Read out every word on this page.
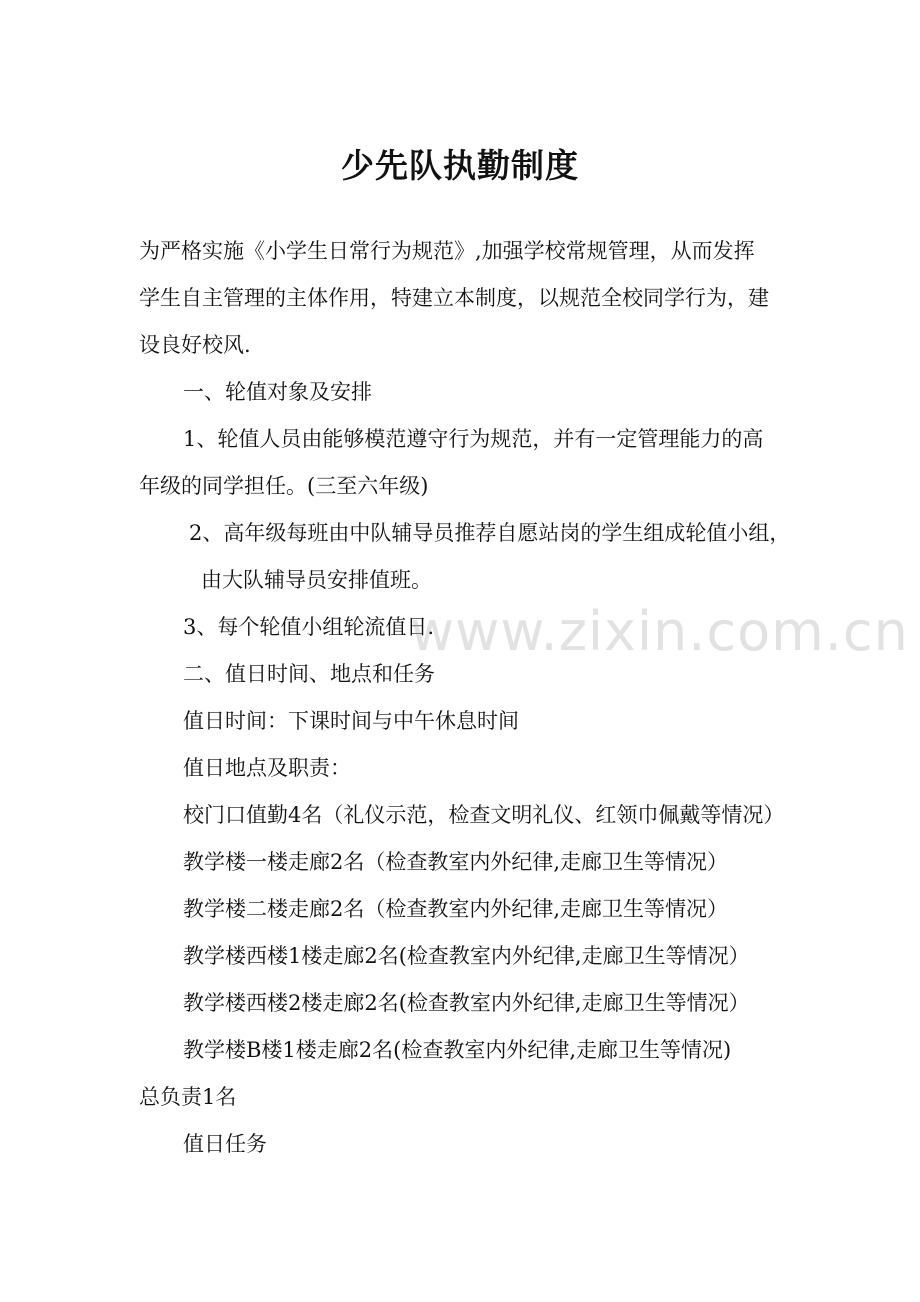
少先队执勤制度
为严格实施《小学生日常行为规范》,加强学校常规管理，从而发挥
学生自主管理的主体作用，特建立本制度，以规范全校同学行为，建
设良好校风.
一、轮值对象及安排
1、轮值人员由能够模范遵守行为规范，并有一定管理能力的高
年级的同学担任。(三至六年级)
2、高年级每班由中队辅导员推荐自愿站岗的学生组成轮值小组，
由大队辅导员安排值班。
3、每个轮值小组轮流值日.
二、值日时间、地点和任务
值日时间：下课时间与中午休息时间
值日地点及职责：
校门口值勤4名（礼仪示范，检查文明礼仪、红领巾佩戴等情况）
教学楼一楼走廊2名（检查教室内外纪律,走廊卫生等情况）
教学楼二楼走廊2名（检查教室内外纪律,走廊卫生等情况）
教学楼西楼1楼走廊2名(检查教室内外纪律,走廊卫生等情况）
教学楼西楼2楼走廊2名(检查教室内外纪律,走廊卫生等情况）
教学楼B楼1楼走廊2名(检查教室内外纪律,走廊卫生等情况)
总负责1名
值日任务
www.zixin.com.cn
